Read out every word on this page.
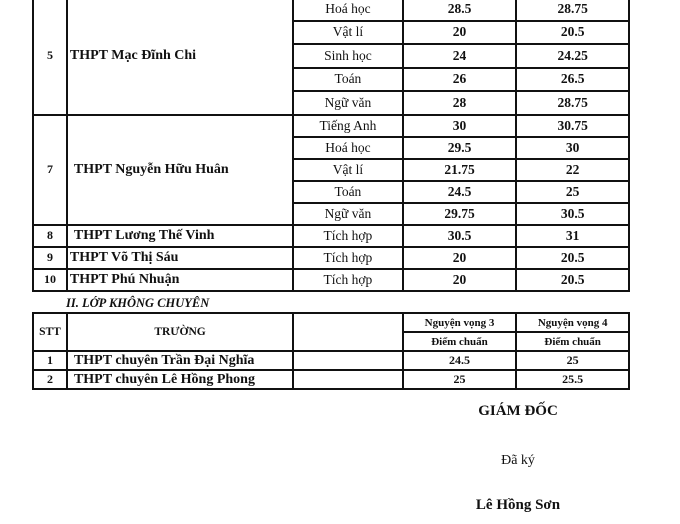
5	THPT Mạc Đĩnh Chi	Hoá học	28.5	28.75
		Vật lí	20	20.5
		Sinh học	24	24.25
		Toán	26	26.5
		Ngữ văn	28	28.75
7	THPT Nguyễn Hữu Huân	Tiếng Anh	30	30.75
		Hoá học	29.5	30
		Vật lí	21.75	22
		Toán	24.5	25
		Ngữ văn	29.75	30.5
8	THPT Lương Thế Vinh	Tích hợp	30.5	31
9	THPT Võ Thị Sáu	Tích hợp	20	20.5
10	THPT Phú Nhuận	Tích hợp	20	20.5
II. LỚP KHÔNG CHUYÊN
STT	TRƯỜNG		Nguyện vọng 3	Nguyện vọng 4
			Điểm chuẩn	Điểm chuẩn
1	THPT chuyên Trần Đại Nghĩa		24.5	25
2	THPT chuyên Lê Hồng Phong		25	25.5
GIÁM ĐỐC
Đã ký
Lê Hồng Sơn
